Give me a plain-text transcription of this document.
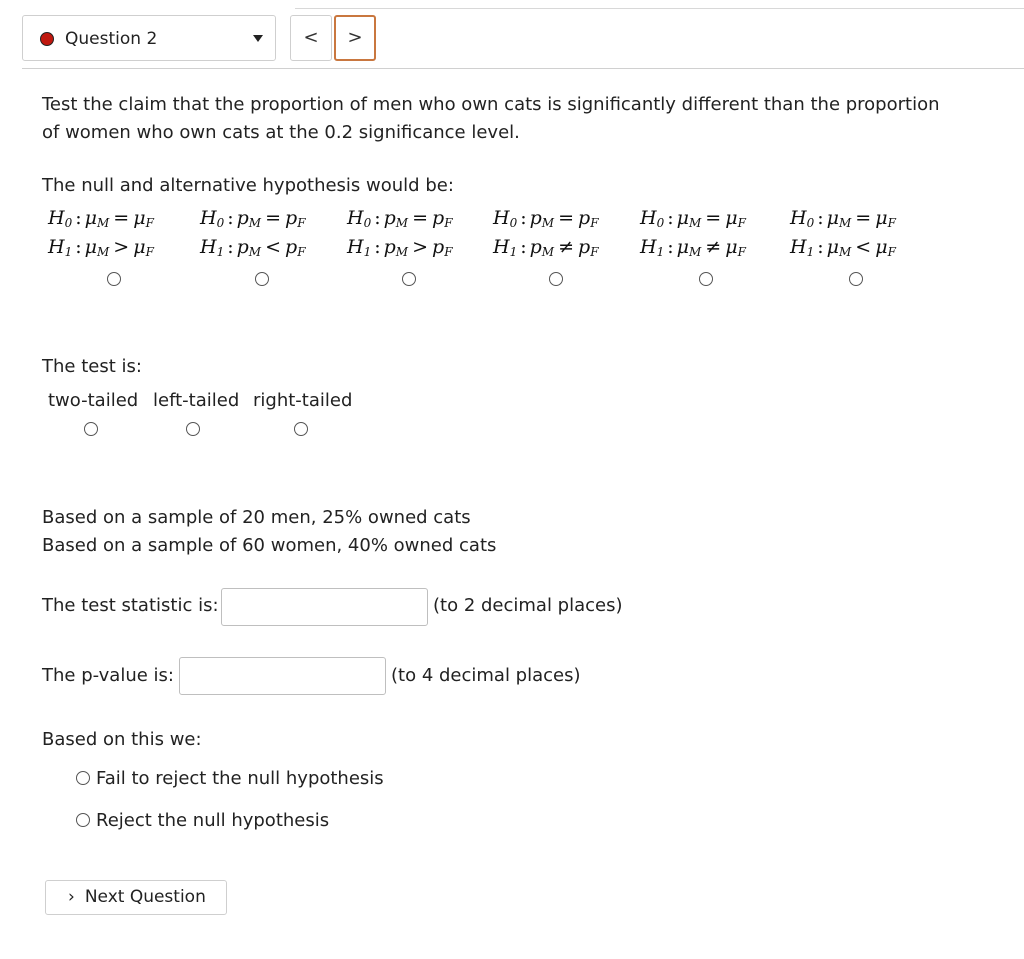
Question 2	<	>
Test the claim that the proportion of men who own cats is significantly different than the proportion
of women who own cats at the 0.2 significance level.
The null and alternative hypothesis would be:
$H_0$ : $\mu_M = \mu_F$
$H_1$ : $\mu_M > \mu_F$
$H_0$ : $p_M = p_F$
$H_1$ : $p_M < p_F$
$H_0$ : $p_M = p_F$
$H_1$ : $p_M > p_F$
$H_0$ : $p_M = p_F$
$H_1$ : $p_M \ne p_F$
$H_0$ : $\mu_M = \mu_F$
$H_1$ : $\mu_M \ne \mu_F$
$H_0$ : $\mu_M = \mu_F$
$H_1$ : $\mu_M < \mu_F$
The test is:
two-tailed left-tailed right-tailed
Based on a sample of 20 men, 25% owned cats
Based on a sample of 60 women, 40% owned cats
The test statistic is:	(to 2 decimal places)
The p-value is:	(to 4 decimal places)
Based on this we:
Fail to reject the null hypothesis
Reject the null hypothesis
› Next Question
